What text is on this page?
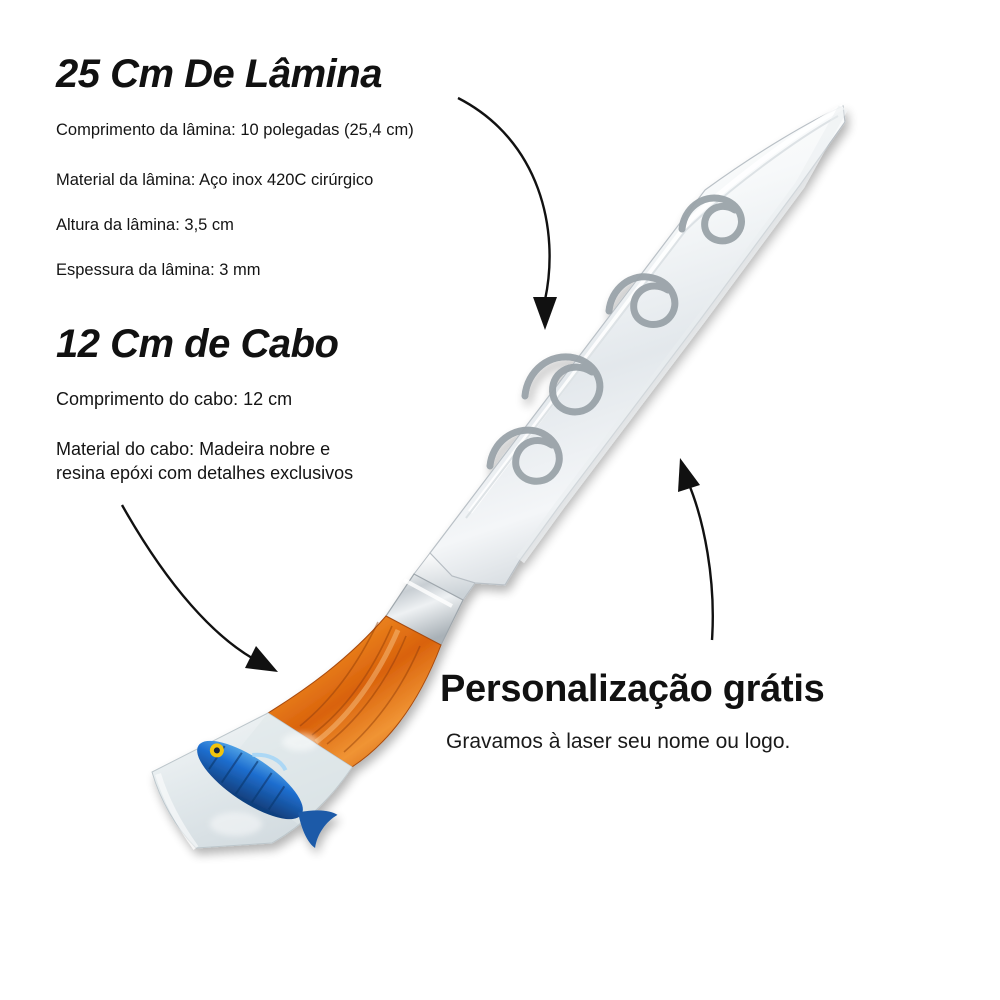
25 Cm De Lâmina
Comprimento da lâmina: 10 polegadas (25,4 cm)
Material da lâmina: Aço inox 420C cirúrgico
Altura da lâmina: 3,5 cm
Espessura da lâmina: 3 mm
12 Cm de Cabo
Comprimento do cabo: 12 cm
Material do cabo: Madeira nobre e resina epóxi com detalhes exclusivos
Personalização grátis
Gravamos à laser seu nome ou logo.
